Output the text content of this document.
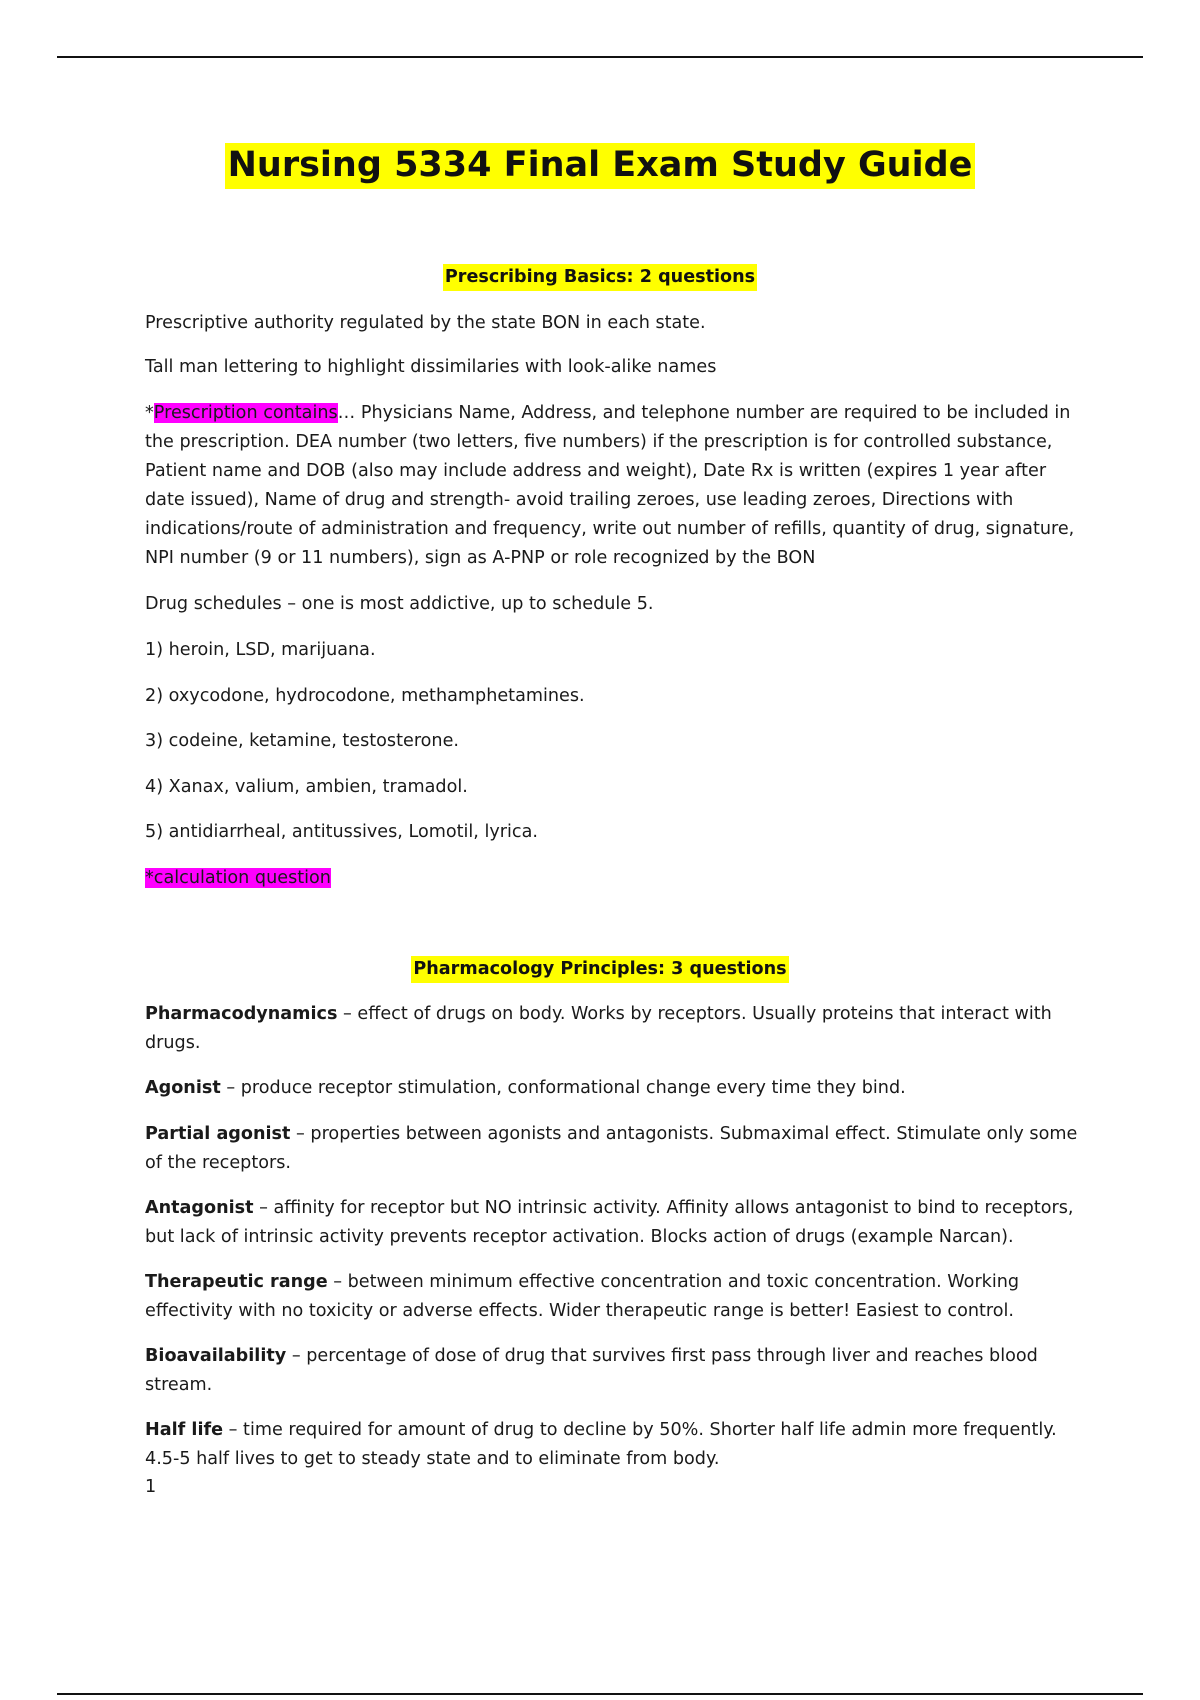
Nursing 5334 Final Exam Study Guide
Prescribing Basics: 2 questions

Prescriptive authority regulated by the state BON in each state.

Tall man lettering to highlight dissimilaries with look-alike names

*Prescription contains… Physicians Name, Address, and telephone number are required to be included in the prescription. DEA number (two letters, five numbers) if the prescription is for controlled substance, Patient name and DOB (also may include address and weight), Date Rx is written (expires 1 year after date issued), Name of drug and strength- avoid trailing zeroes, use leading zeroes, Directions with indications/route of administration and frequency, write out number of refills, quantity of drug, signature, NPI number (9 or 11 numbers), sign as A-PNP or role recognized by the BON

Drug schedules – one is most addictive, up to schedule 5.

1) heroin, LSD, marijuana.

2) oxycodone, hydrocodone, methamphetamines.

3) codeine, ketamine, testosterone.

4) Xanax, valium, ambien, tramadol.

5) antidiarrheal, antitussives, Lomotil, lyrica.

*calculation question

Pharmacology Principles: 3 questions

Pharmacodynamics – effect of drugs on body. Works by receptors. Usually proteins that interact with drugs.

Agonist – produce receptor stimulation, conformational change every time they bind.

Partial agonist – properties between agonists and antagonists. Submaximal effect. Stimulate only some of the receptors.

Antagonist – affinity for receptor but NO intrinsic activity. Affinity allows antagonist to bind to receptors, but lack of intrinsic activity prevents receptor activation. Blocks action of drugs (example Narcan).

Therapeutic range – between minimum effective concentration and toxic concentration. Working effectivity with no toxicity or adverse effects. Wider therapeutic range is better! Easiest to control.

Bioavailability – percentage of dose of drug that survives first pass through liver and reaches blood stream.

Half life – time required for amount of drug to decline by 50%. Shorter half life admin more frequently. 4.5-5 half lives to get to steady state and to eliminate from body.

1
